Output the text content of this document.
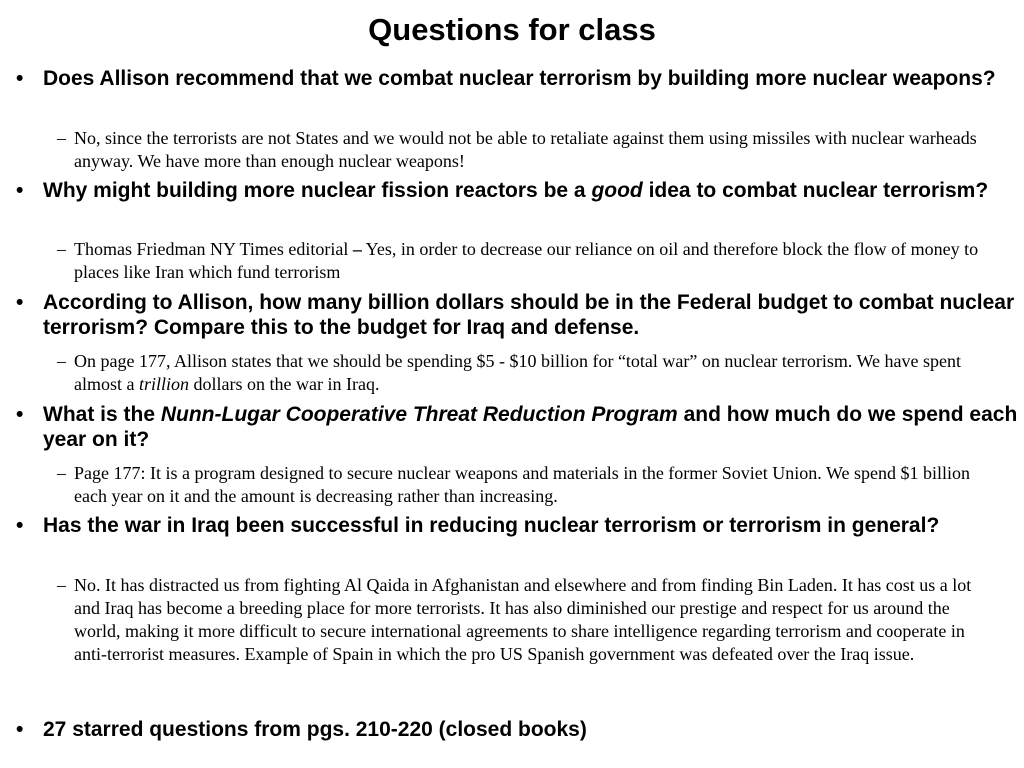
Questions for class
• Does Allison recommend that we combat nuclear terrorism by building more nuclear weapons?
– No, since the terrorists are not States and we would not be able to retaliate against them using missiles with nuclear warheads anyway. We have more than enough nuclear weapons!
• Why might building more nuclear fission reactors be a good idea to combat nuclear terrorism?
– Thomas Friedman NY Times editorial – Yes, in order to decrease our reliance on oil and therefore block the flow of money to places like Iran which fund terrorism
• According to Allison, how many billion dollars should be in the Federal budget to combat nuclear terrorism? Compare this to the budget for Iraq and defense.
– On page 177, Allison states that we should be spending $5 - $10 billion for “total war” on nuclear terrorism. We have spent almost a trillion dollars on the war in Iraq.
• What is the Nunn-Lugar Cooperative Threat Reduction Program and how much do we spend each year on it?
– Page 177: It is a program designed to secure nuclear weapons and materials in the former Soviet Union. We spend $1 billion each year on it and the amount is decreasing rather than increasing.
• Has the war in Iraq been successful in reducing nuclear terrorism or terrorism in general?
– No. It has distracted us from fighting Al Qaida in Afghanistan and elsewhere and from finding Bin Laden. It has cost us a lot and Iraq has become a breeding place for more terrorists. It has also diminished our prestige and respect for us around the world, making it more difficult to secure international agreements to share intelligence regarding terrorism and cooperate in anti-terrorist measures. Example of Spain in which the pro US Spanish government was defeated over the Iraq issue.
• 27 starred questions from pgs. 210-220 (closed books)
